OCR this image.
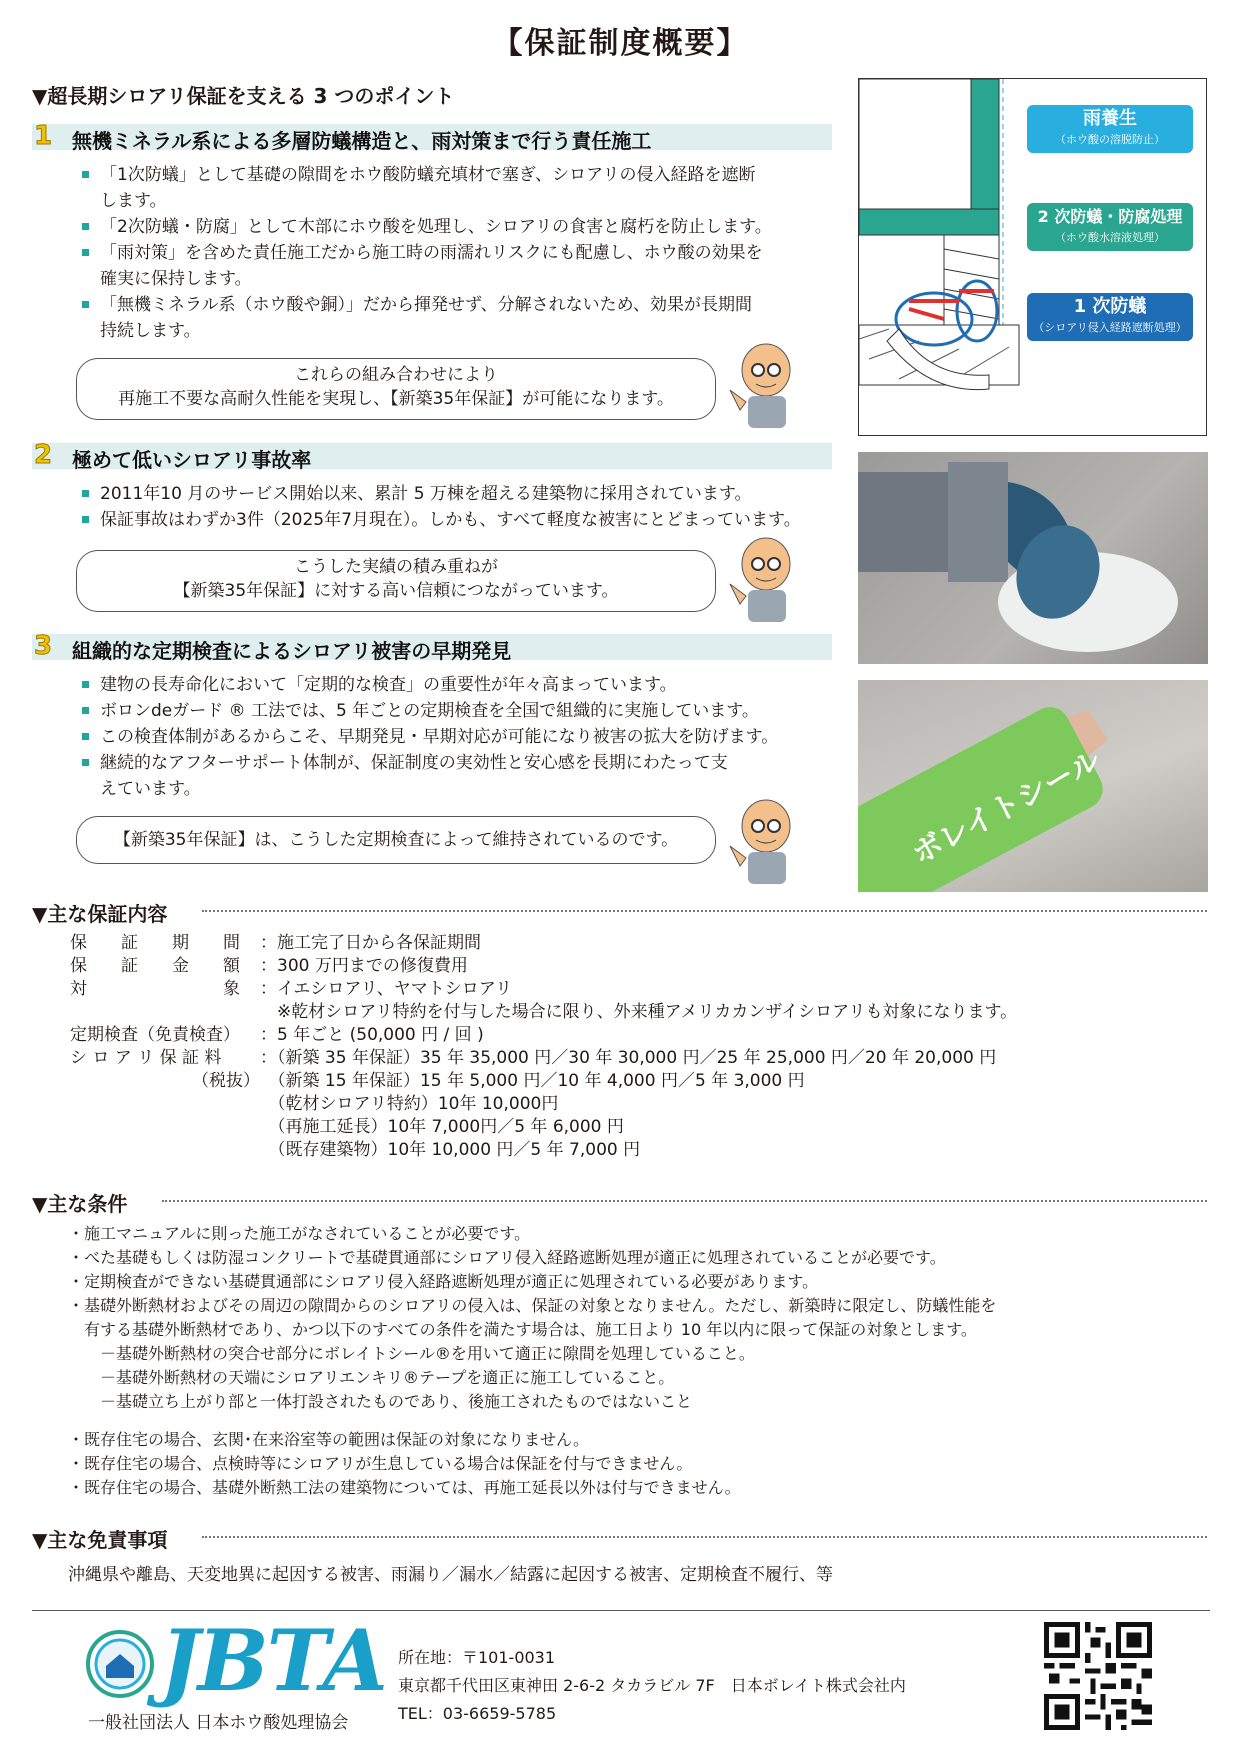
【保証制度概要】
▼超長期シロアリ保証を支える 3 つのポイント
1 無機ミネラル系による多層防蟻構造と、雨対策まで行う責任施工
「1次防蟻」として基礎の隙間をホウ酸防蟻充填材で塞ぎ、シロアリの侵入経路を遮断
します。
「2次防蟻・防腐」として木部にホウ酸を処理し、シロアリの食害と腐朽を防止します。
「雨対策」を含めた責任施工だから施工時の雨濡れリスクにも配慮し、ホウ酸の効果を
確実に保持します。
「無機ミネラル系（ホウ酸や銅）」だから揮発せず、分解されないため、効果が長期間
持続します。
これらの組み合わせにより
再施工不要な高耐久性能を実現し、【新築35年保証】が可能になります。
2 極めて低いシロアリ事故率
2011年10 月のサービス開始以来、累計 5 万棟を超える建築物に採用されています。
保証事故はわずか3件（2025年7月現在）。しかも、すべて軽度な被害にとどまっています。
こうした実績の積み重ねが
【新築35年保証】に対する高い信頼につながっています。
3 組織的な定期検査によるシロアリ被害の早期発見
建物の長寿命化において「定期的な検査」の重要性が年々高まっています。
ボロンdeガード ® 工法では、5 年ごとの定期検査を全国で組織的に実施しています。
この検査体制があるからこそ、早期発見・早期対応が可能になり被害の拡大を防げます。
継続的なアフターサポート体制が、保証制度の実効性と安心感を長期にわたって支
えています。
【新築35年保証】は、こうした定期検査によって維持されているのです。
雨養生
（ホウ酸の溶脱防止）
2 次防蟻・防腐処理
（ホウ酸水溶液処理）
1 次防蟻
（シロアリ侵入経路遮断処理）
ボレイトシール
▼主な保証内容
保　　証　　期　　間	：施工完了日から各保証期間
保　　証　　金　　額	：300 万円までの修復費用
対　　　　　　　　象	：イエシロアリ、ヤマトシロアリ
　※乾材シロアリ特約を付与した場合に限り、外来種アメリカカンザイシロアリも対象になります。
定期検査（免責検査）	：5 年ごと (50,000 円 / 回 )
シ ロ ア リ 保 証 料	：（新築 35 年保証）35 年 35,000 円／30 年 30,000 円／25 年 25,000 円／20 年 20,000 円
（税抜） 　（新築 15 年保証）15 年 5,000 円／10 年 4,000 円／5 年 3,000 円
　（乾材シロアリ特約）10年 10,000円
　（再施工延長）10年 7,000円／5 年 6,000 円
　（既存建築物）10年 10,000 円／5 年 7,000 円
▼主な条件
・施工マニュアルに則った施工がなされていることが必要です。
・べた基礎もしくは防湿コンクリートで基礎貫通部にシロアリ侵入経路遮断処理が適正に処理されていることが必要です。
・定期検査ができない基礎貫通部にシロアリ侵入経路遮断処理が適正に処理されている必要があります。
・基礎外断熱材およびその周辺の隙間からのシロアリの侵入は、保証の対象となりません。ただし、新築時に限定し、防蟻性能を
　有する基礎外断熱材であり、かつ以下のすべての条件を満たす場合は、施工日より 10 年以内に限って保証の対象とします。
　　－基礎外断熱材の突合せ部分にボレイトシール®を用いて適正に隙間を処理していること。
　　－基礎外断熱材の天端にシロアリエンキリ®テープを適正に施工していること。
　　－基礎立ち上がり部と一体打設されたものであり、後施工されたものではないこと
・既存住宅の場合、玄関･在来浴室等の範囲は保証の対象になりません。
・既存住宅の場合、点検時等にシロアリが生息している場合は保証を付与できません。
・既存住宅の場合、基礎外断熱工法の建築物については、再施工延長以外は付与できません。
▼主な免責事項
沖縄県や離島、天変地異に起因する被害、雨漏り／漏水／結露に起因する被害、定期検査不履行、等
JBTA
一般社団法人 日本ホウ酸処理協会
所在地：〒101-0031
東京都千代田区東神田 2-6-2 タカラビル 7F　日本ボレイト株式会社内
TEL：03-6659-5785
